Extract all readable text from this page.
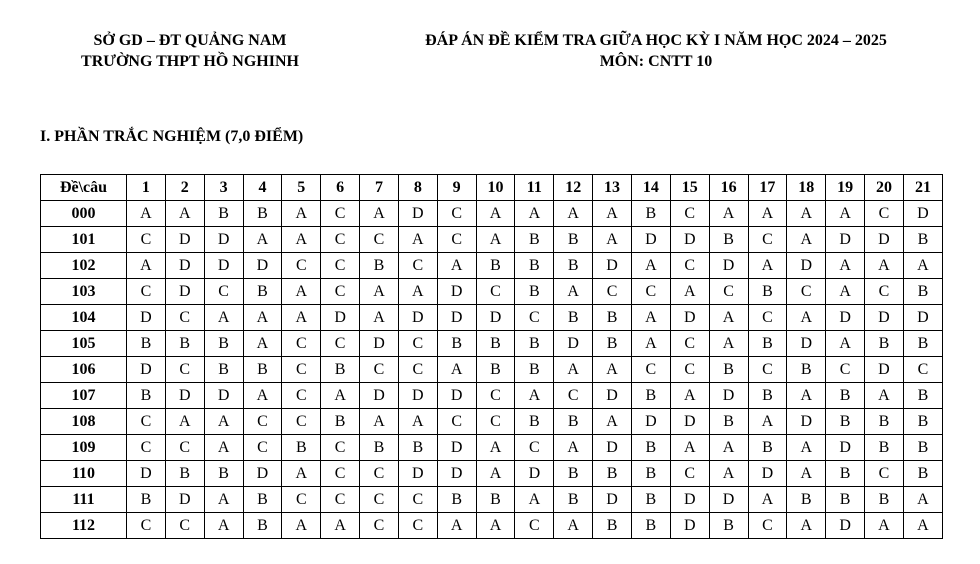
SỞ GD – ĐT QUẢNG NAM
TRƯỜNG THPT HỒ NGHINH
ĐÁP ÁN ĐỀ KIỂM TRA GIỮA HỌC KỲ I NĂM HỌC 2024 – 2025
MÔN: CNTT 10
I. PHẦN TRẮC NGHIỆM (7,0 ĐIỂM)
Đề\câu	1	2	3	4	5	6	7	8	9	10	11	12	13	14	15	16	17	18	19	20	21
000	A	A	B	B	A	C	A	D	C	A	A	A	A	B	C	A	A	A	A	C	D
101	C	D	D	A	A	C	C	A	C	A	B	B	A	D	D	B	C	A	D	D	B
102	A	D	D	D	C	C	B	C	A	B	B	B	D	A	C	D	A	D	A	A	A
103	C	D	C	B	A	C	A	A	D	C	B	A	C	C	A	C	B	C	A	C	B
104	D	C	A	A	A	D	A	D	D	D	C	B	B	A	D	A	C	A	D	D	D
105	B	B	B	A	C	C	D	C	B	B	B	D	B	A	C	A	B	D	A	B	B
106	D	C	B	B	C	B	C	C	A	B	B	A	A	C	C	B	C	B	C	D	C
107	B	D	D	A	C	A	D	D	D	C	A	C	D	B	A	D	B	A	B	A	B
108	C	A	A	C	C	B	A	A	C	C	B	B	A	D	D	B	A	D	B	B	B
109	C	C	A	C	B	C	B	B	D	A	C	A	D	B	A	A	B	A	D	B	B
110	D	B	B	D	A	C	C	D	D	A	D	B	B	B	C	A	D	A	B	C	B
111	B	D	A	B	C	C	C	C	B	B	A	B	D	B	D	D	A	B	B	B	A
112	C	C	A	B	A	A	C	C	A	A	C	A	B	B	D	B	C	A	D	A	A
